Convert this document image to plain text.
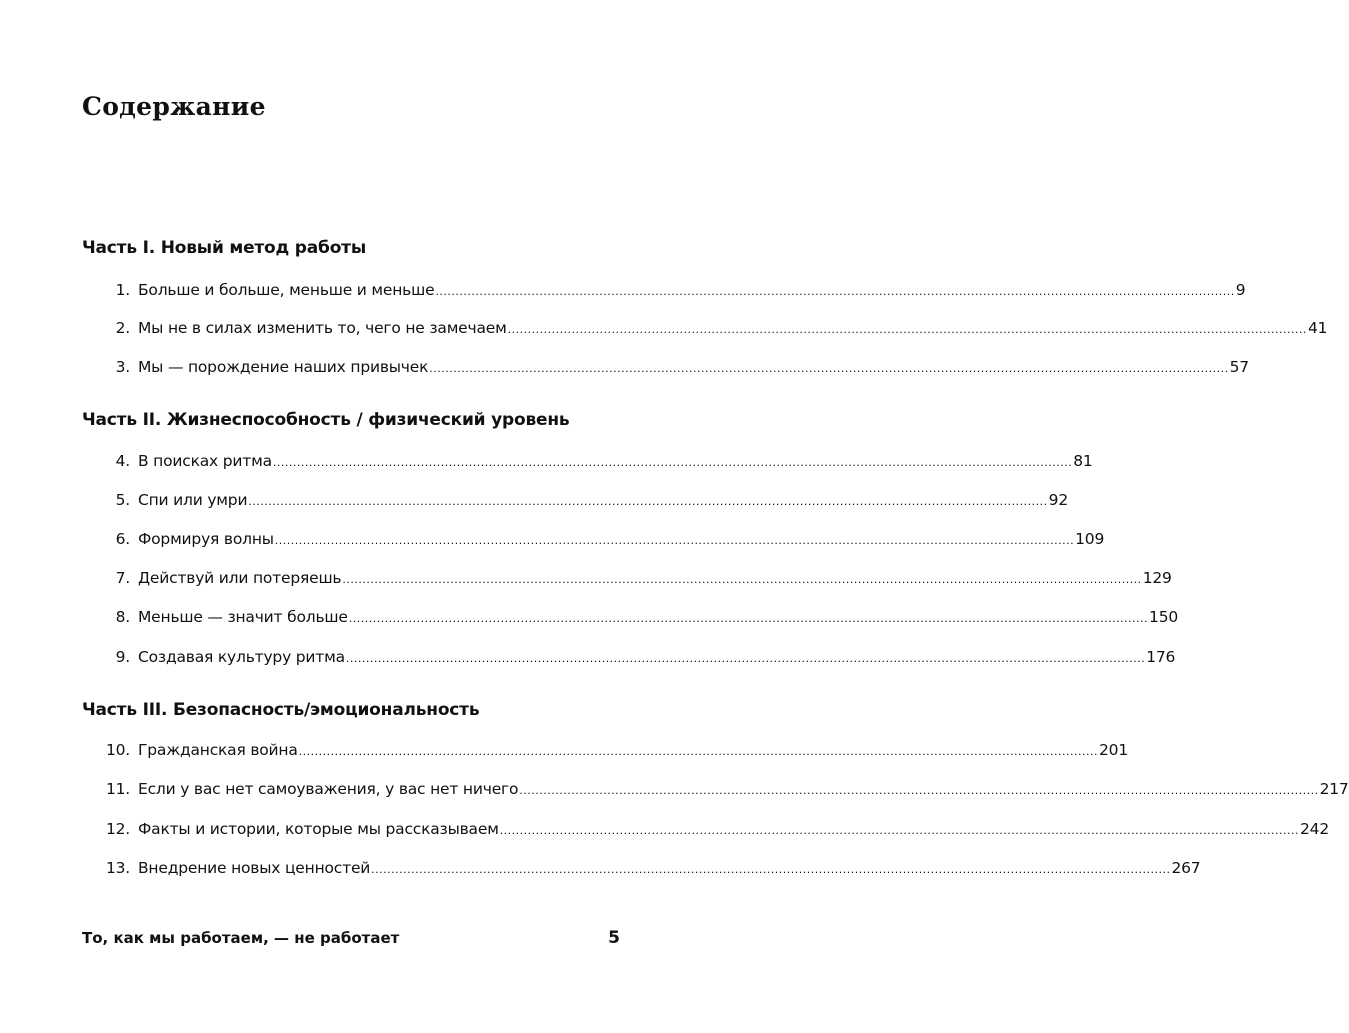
Содержание
Часть I. Новый метод работы
1. Больше и больше, меньше и меньше ........................................................................................................................................................................................................ 9
2. Мы не в силах изменить то, чего не замечаем ........................................................................................................................................................................................................ 41
3. Мы — порождение наших привычек ........................................................................................................................................................................................................ 57
Часть II. Жизнеспособность / физический уровень
4. В поисках ритма ........................................................................................................................................................................................................ 81
5. Спи или умри ........................................................................................................................................................................................................ 92
6. Формируя волны ........................................................................................................................................................................................................ 109
7. Действуй или потеряешь ........................................................................................................................................................................................................ 129
8. Меньше — значит больше ........................................................................................................................................................................................................ 150
9. Создавая культуру ритма ........................................................................................................................................................................................................ 176
Часть III. Безопасность/эмоциональность
10. Гражданская война ........................................................................................................................................................................................................ 201
11. Если у вас нет самоуважения, у вас нет ничего ........................................................................................................................................................................................................ 217
12. Факты и истории, которые мы рассказываем ........................................................................................................................................................................................................ 242
13. Внедрение новых ценностей ........................................................................................................................................................................................................ 267
То, как мы работаем, — не работает	5
